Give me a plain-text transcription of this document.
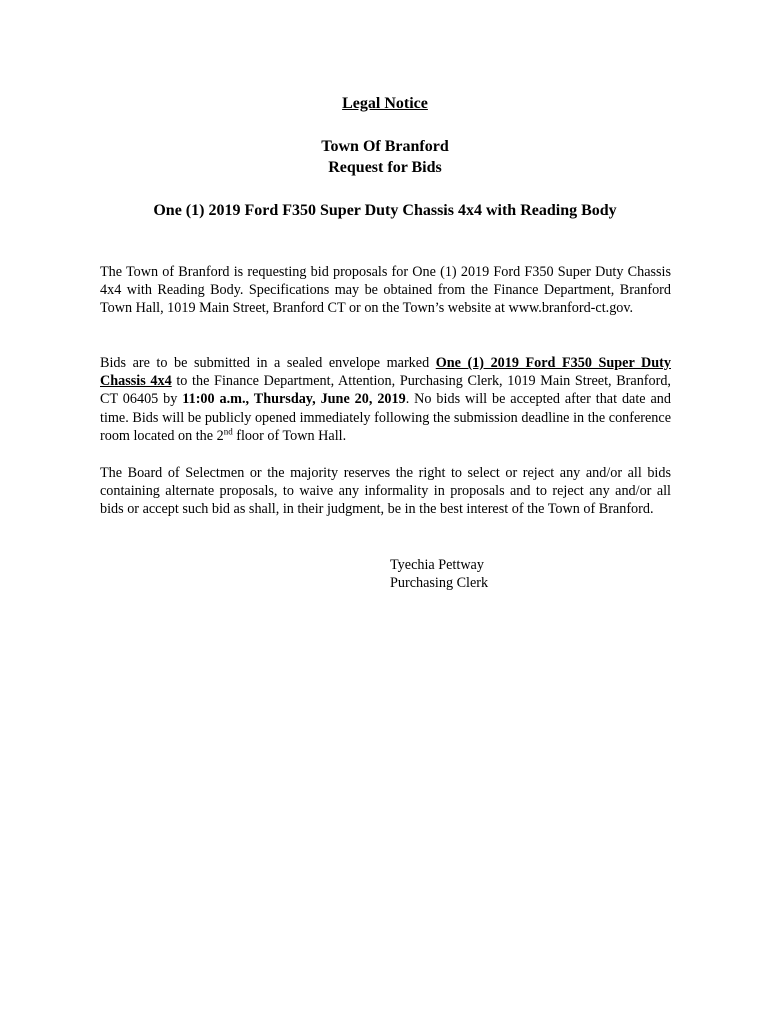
Legal Notice
Town Of Branford
Request for Bids
One (1) 2019 Ford F350 Super Duty Chassis 4x4 with Reading Body
The Town of Branford is requesting bid proposals for One (1) 2019 Ford F350 Super Duty Chassis 4x4 with Reading Body. Specifications may be obtained from the Finance Department, Branford Town Hall, 1019 Main Street, Branford CT or on the Town’s website at www.branford-ct.gov.
Bids are to be submitted in a sealed envelope marked One (1) 2019 Ford F350 Super Duty Chassis 4x4 to the Finance Department, Attention, Purchasing Clerk, 1019 Main Street, Branford, CT 06405 by 11:00 a.m., Thursday, June 20, 2019. No bids will be accepted after that date and time. Bids will be publicly opened immediately following the submission deadline in the conference room located on the 2nd floor of Town Hall.
The Board of Selectmen or the majority reserves the right to select or reject any and/or all bids containing alternate proposals, to waive any informality in proposals and to reject any and/or all bids or accept such bid as shall, in their judgment, be in the best interest of the Town of Branford.
Tyechia Pettway
Purchasing Clerk
